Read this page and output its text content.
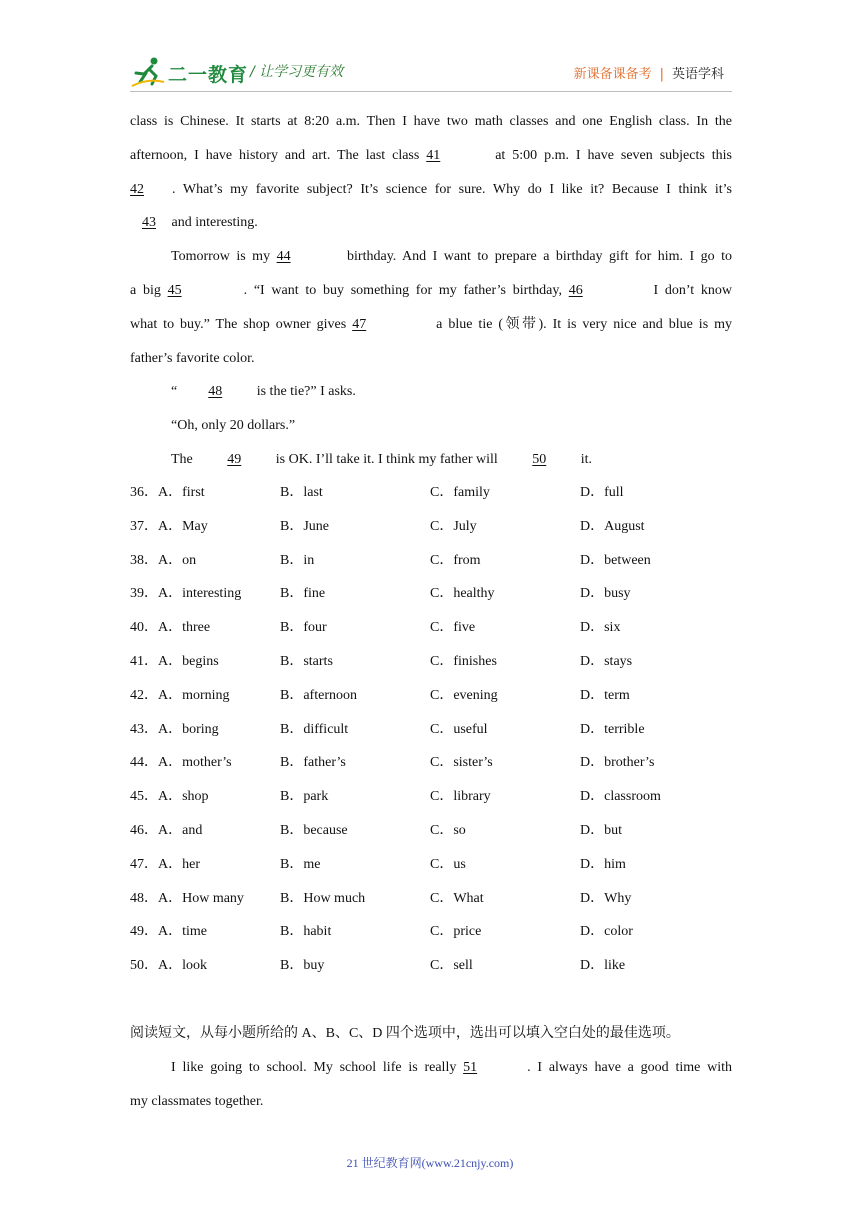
二一教育 / 让学习更有效	新课备课备考 | 英语学科
class is Chinese. It starts at 8:20 a.m. Then I have two math classes and one English class. In the
afternoon, I have history and art. The last class 41	at 5:00 p.m. I have seven subjects this
42 . What’s my favorite subject? It’s science for sure. Why do I like it? Because I think it’s
43 and interesting.
Tomorrow is my 44	birthday. And I want to prepare a birthday gift for him. I go to
a big 45	. “I want to buy something for my father’s birthday, 46	I don’t know
what to buy.” The shop owner gives 47	a blue tie (领带). It is very nice and blue is my
father’s favorite color.
“ 48 is the tie?” I asks.
“Oh, only 20 dollars.”
The 49 is OK. I’ll take it. I think my father will 50 it.
36．A．first	B．last	C．family	D．full
37．A．May	B．June	C．July	D．August
38．A．on	B．in	C．from	D．between
39．A．interesting	B．fine	C．healthy	D．busy
40．A．three	B．four	C．five	D．six
41．A．begins	B．starts	C．finishes	D．stays
42．A．morning	B．afternoon	C．evening	D．term
43．A．boring	B．difficult	C．useful	D．terrible
44．A．mother’s	B．father’s	C．sister’s	D．brother’s
45．A．shop	B．park	C．library	D．classroom
46．A．and	B．because	C．so	D．but
47．A．her	B．me	C．us	D．him
48．A．How many	B．How much	C．What	D．Why
49．A．time	B．habit	C．price	D．color
50．A．look	B．buy	C．sell	D．like
阅读短文，从每小题所给的 A、B、C、D 四个选项中，选出可以填入空白处的最佳选项。
I like going to school. My school life is really 51	. I always have a good time with
my classmates together.
21 世纪教育网(www.21cnjy.com)
